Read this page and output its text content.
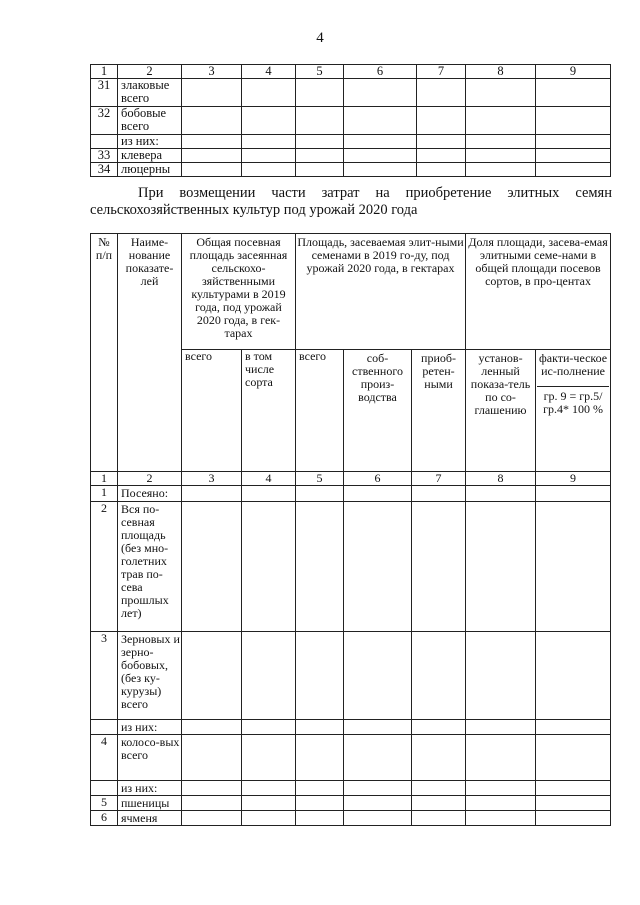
4
1	2	3	4	5	6	7	8	9
31	злаковые всего							
32	бобовые всего							
	из них:							
33	клевера							
34	люцерны							
При возмещении части затрат на приобретение элитных семян
сельскохозяйственных культур под урожай 2020 года
№ п/п	Наиме-нование показате-лей	Общая посевная площадь засеянная сельскохо-зяйственными культурами в 2019 года, под урожай 2020 года, в гек-тарах		Площадь, засеваемая элит-ными семенами в 2019 го-ду, под урожай 2020 года, в гектарах			Доля площади, засева-емая элитными семе-нами в общей площади посевов сортов, в про-центах	

		всего	в том числе сорта	всего	соб-ственного произ-водства	приоб-ретен-ными	установ-ленный показа-тель по со-глашению	факти-ческое ис-полнение
гр. 9 = гр.5/гр.4* 100 %

1	2	3	4	5	6	7	8	9
1	Посеяно:							
2	Вся по-севная площадь (без мно-голетних трав по-сева прошлых лет)							
3	Зерновых и зерно-бобовых, (без ку-курузы) всего							
	из них:							
4	колосо-вых всего							
	из них:							
5	пшеницы							
6	ячменя							
